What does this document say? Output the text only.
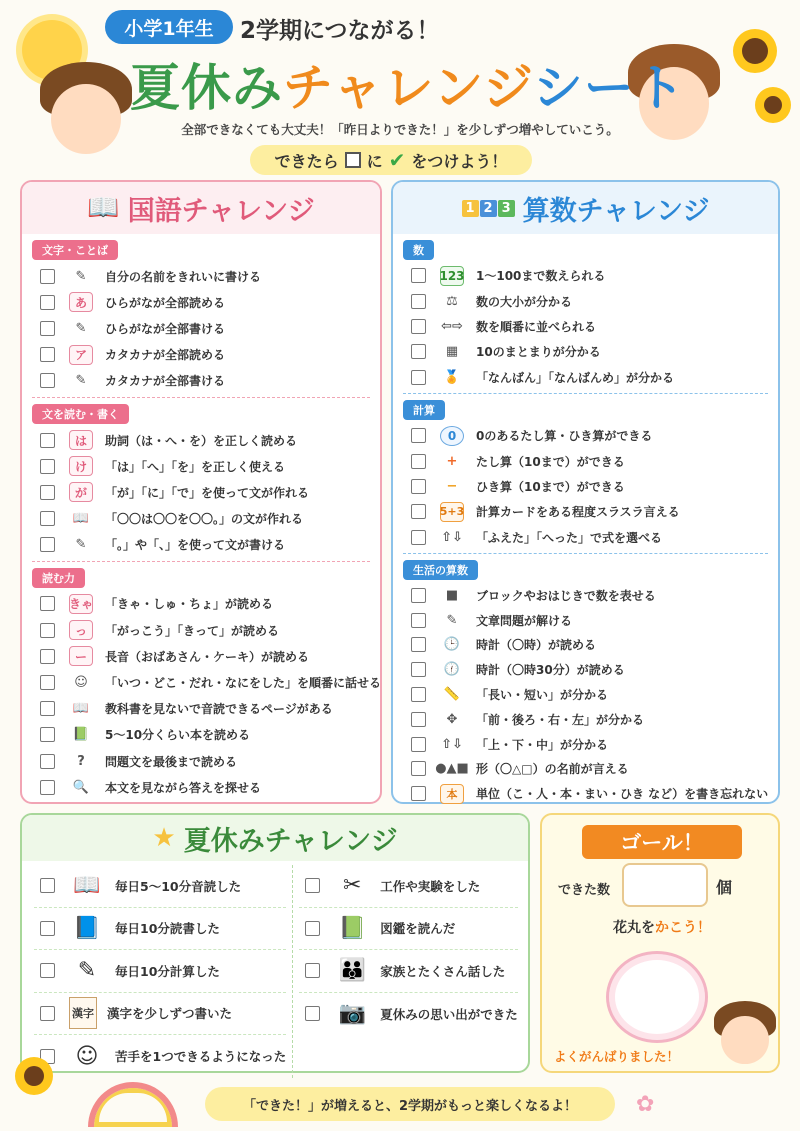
小学1年生	2学期につながる！
夏休みチャレンジシート
全部できなくても大丈夫！「昨日よりできた！」を少しずつ増やしていこう。
できたら に ✔ をつけよう！
📖 国語チャレンジ
文字・ことば
✎	自分の名前をきれいに書ける
あ	ひらがなが全部読める
✎	ひらがなが全部書ける
ア	カタカナが全部読める
✎	カタカナが全部書ける
文を読む・書く
は	助詞（は・へ・を）を正しく読める
け	「は」「へ」「を」を正しく使える
が	「が」「に」「で」を使って文が作れる
📖	「〇〇は〇〇を〇〇。」の文が作れる
✎	「。」や「、」を使って文が書ける
読む力
きゃ 「きゃ・しゅ・ちょ」が読める
っ	「がっこう」「きって」が読める
ー	長音（おばあさん・ケーキ）が読める
☺	「いつ・どこ・だれ・なにをした」を順番に話せる
📖	教科書を見ないで音読できるページがある
📗	5～10分くらい本を読める
?	問題文を最後まで読める
🔍	本文を見ながら答えを探せる
1 2 3 算数チャレンジ
数
123 1～100まで数えられる
⚖	数の大小が分かる
⇦⇨ 数を順番に並べられる
▦	10のまとまりが分かる
🏅	「なんばん」「なんばんめ」が分かる
計算
0	0のあるたし算・ひき算ができる
+	たし算（10まで）ができる
−	ひき算（10まで）ができる
5+3 計算カードをある程度スラスラ言える
⇧⇩ 「ふえた」「へった」で式を選べる
生活の算数
■	ブロックやおはじきで数を表せる
✎	文章問題が解ける
🕒	時計（〇時）が読める
🕧	時計（〇時30分）が読める
📏	「長い・短い」が分かる
✥	「前・後ろ・右・左」が分かる
⇧⇩ 「上・下・中」が分かる
●▲■ 形（〇△□）の名前が言える
本	単位（こ・人・本・まい・ひき など）を書き忘れない
★ 夏休みチャレンジ
📖	毎日5～10分音読した
📘	毎日10分読書した
✎	毎日10分計算した
漢字 漢字を少しずつ書いた
☺	苦手を1つできるようになった
✂	工作や実験をした
📗	図鑑を読んだ
👪	家族とたくさん話した
📷	夏休みの思い出ができた
ゴール！
できた数	個
花丸をかこう！
よくがんばりました！
「できた！」が増えると、2学期がもっと楽しくなるよ！	✿
